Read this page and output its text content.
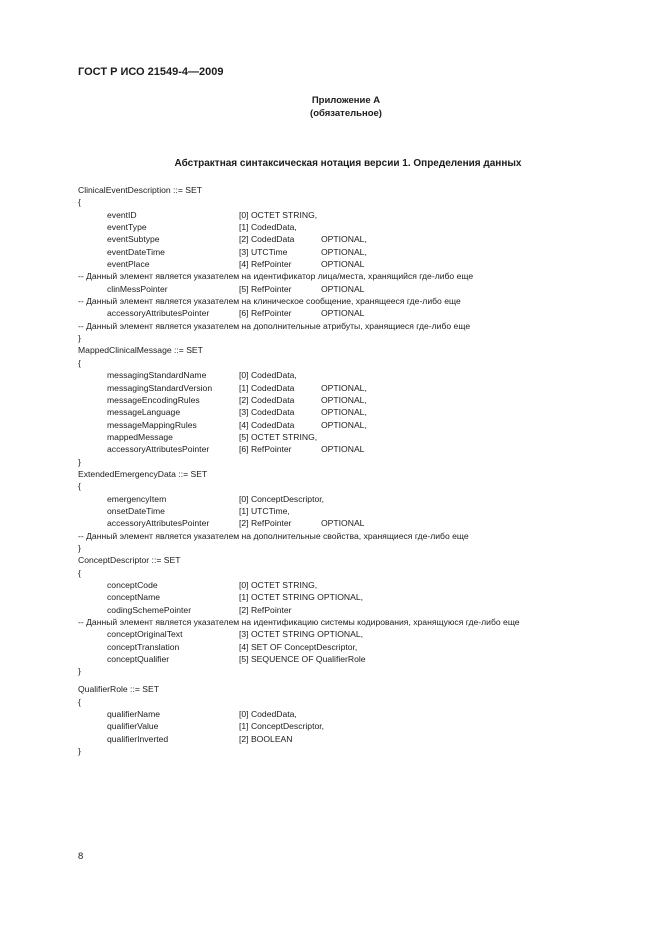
ГОСТ Р ИСО 21549-4—2009
Приложение А
(обязательное)
Абстрактная синтаксическая нотация версии 1. Определения данных
ClinicalEventDescription ::= SET
{
eventID	[0] OCTET STRING,
eventType	[1] CodedData,
eventSubtype	[2] CodedData	OPTIONAL,
eventDateTime	[3] UTCTime	OPTIONAL,
eventPlace	[4] RefPointer	OPTIONAL
-- Данный элемент является указателем на идентификатор лица/места, хранящийся где-либо еще
clinMessPointer	[5] RefPointer	OPTIONAL
-- Данный элемент является указателем на клиническое сообщение, хранящееся где-либо еще
accessoryAttributesPointer	[6] RefPointer	OPTIONAL
-- Данный элемент является указателем на дополнительные атрибуты, хранящиеся где-либо еще
}
MappedClinicalMessage ::= SET
{
messagingStandardName	[0] CodedData,
messagingStandardVersion	[1] CodedData	OPTIONAL,
messageEncodingRules	[2] CodedData	OPTIONAL,
messageLanguage	[3] CodedData	OPTIONAL,
messageMappingRules	[4] CodedData	OPTIONAL,
mappedMessage	[5] OCTET STRING,
accessoryAttributesPointer	[6] RefPointer	OPTIONAL
}
ExtendedEmergencyData ::= SET
{
emergencyItem	[0] ConceptDescriptor,
onsetDateTime	[1] UTCTime,
accessoryAttributesPointer	[2] RefPointer	OPTIONAL
-- Данный элемент является указателем на дополнительные свойства, хранящиеся где-либо еще
}
ConceptDescriptor ::= SET
{
conceptCode	[0] OCTET STRING,
conceptName	[1] OCTET STRING OPTIONAL,
codingSchemePointer	[2] RefPointer
-- Данный элемент является указателем на идентификацию системы кодирования, хранящуюся где-либо еще
conceptOriginalText	[3] OCTET STRING OPTIONAL,
conceptTranslation	[4] SET OF ConceptDescriptor,
conceptQualifier	[5] SEQUENCE OF QualifierRole
}
QualifierRole ::= SET
{
qualifierName	[0] CodedData,
qualifierValue	[1] ConceptDescriptor,
qualifierInverted	[2] BOOLEAN
}
8
